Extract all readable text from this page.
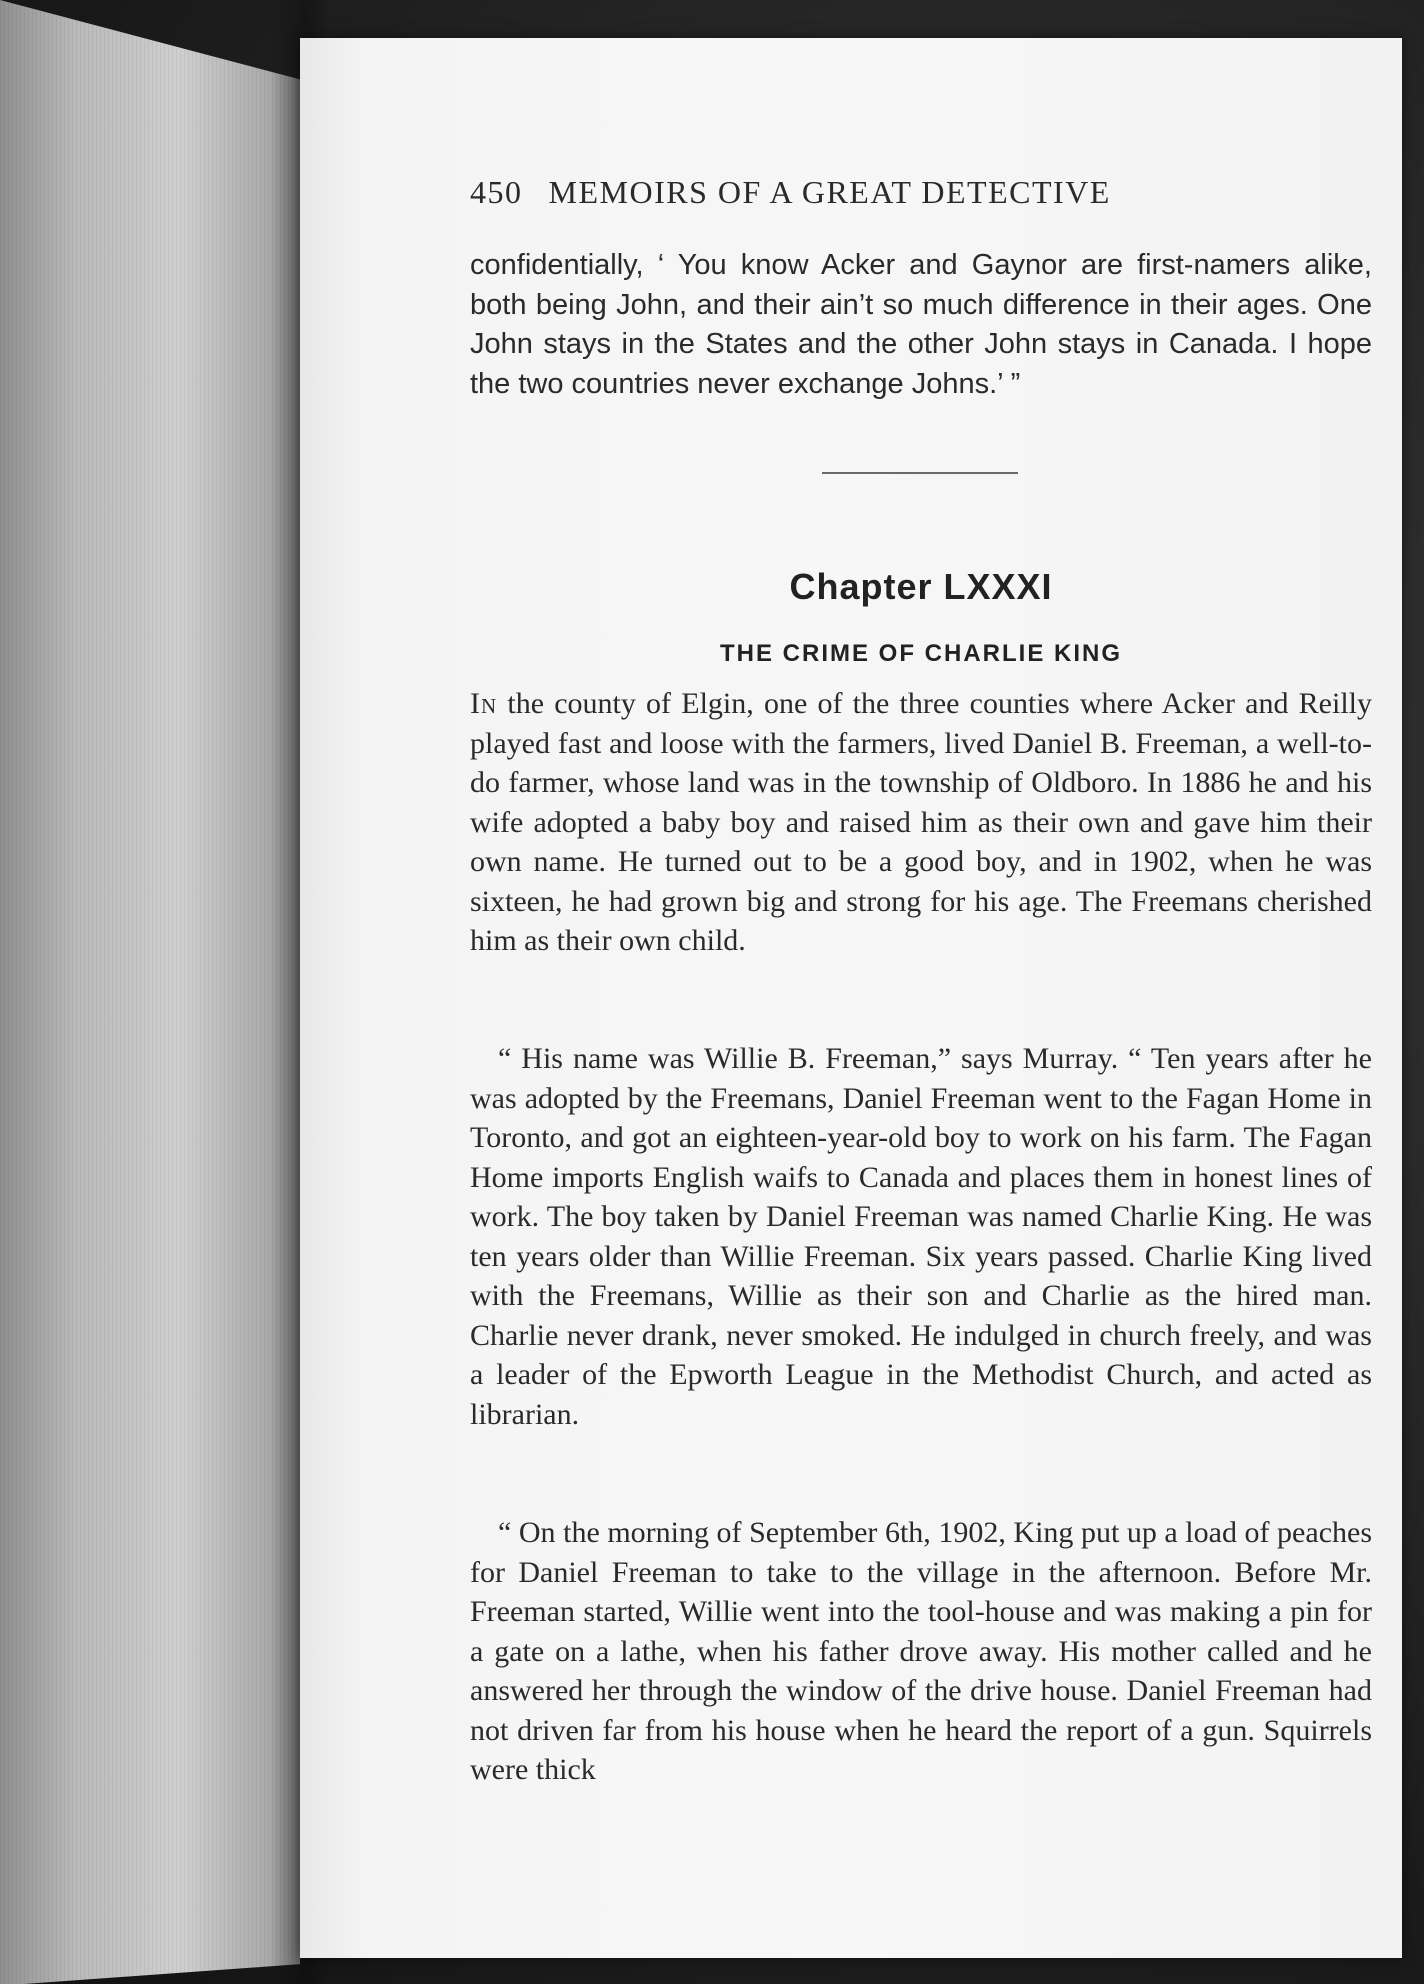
450 MEMOIRS OF A GREAT DETECTIVE

confidentially, ‘ You know Acker and Gaynor are first-namers alike, both being John, and their ain’t so much difference in their ages. One John stays in the States and the other John stays in Canada. I hope the two countries never exchange Johns.’ ”

Chapter LXXXI
THE CRIME OF CHARLIE KING

In the county of Elgin, one of the three counties where Acker and Reilly played fast and loose with the farmers, lived Daniel B. Freeman, a well-to-do farmer, whose land was in the township of Oldboro. In 1886 he and his wife adopted a baby boy and raised him as their own and gave him their own name. He turned out to be a good boy, and in 1902, when he was sixteen, he had grown big and strong for his age. The Freemans cherished him as their own child.

“ His name was Willie B. Freeman,” says Murray. “ Ten years after he was adopted by the Freemans, Daniel Freeman went to the Fagan Home in Toronto, and got an eighteen-year-old boy to work on his farm. The Fagan Home imports English waifs to Canada and places them in honest lines of work. The boy taken by Daniel Freeman was named Charlie King. He was ten years older than Willie Freeman. Six years passed. Charlie King lived with the Freemans, Willie as their son and Charlie as the hired man. Charlie never drank, never smoked. He indulged in church freely, and was a leader of the Epworth League in the Methodist Church, and acted as librarian.

“ On the morning of September 6th, 1902, King put up a load of peaches for Daniel Freeman to take to the village in the afternoon. Before Mr. Freeman started, Willie went into the tool-house and was making a pin for a gate on a lathe, when his father drove away. His mother called and he answered her through the window of the drive house. Daniel Freeman had not driven far from his house when he heard the report of a gun. Squirrels were thick
